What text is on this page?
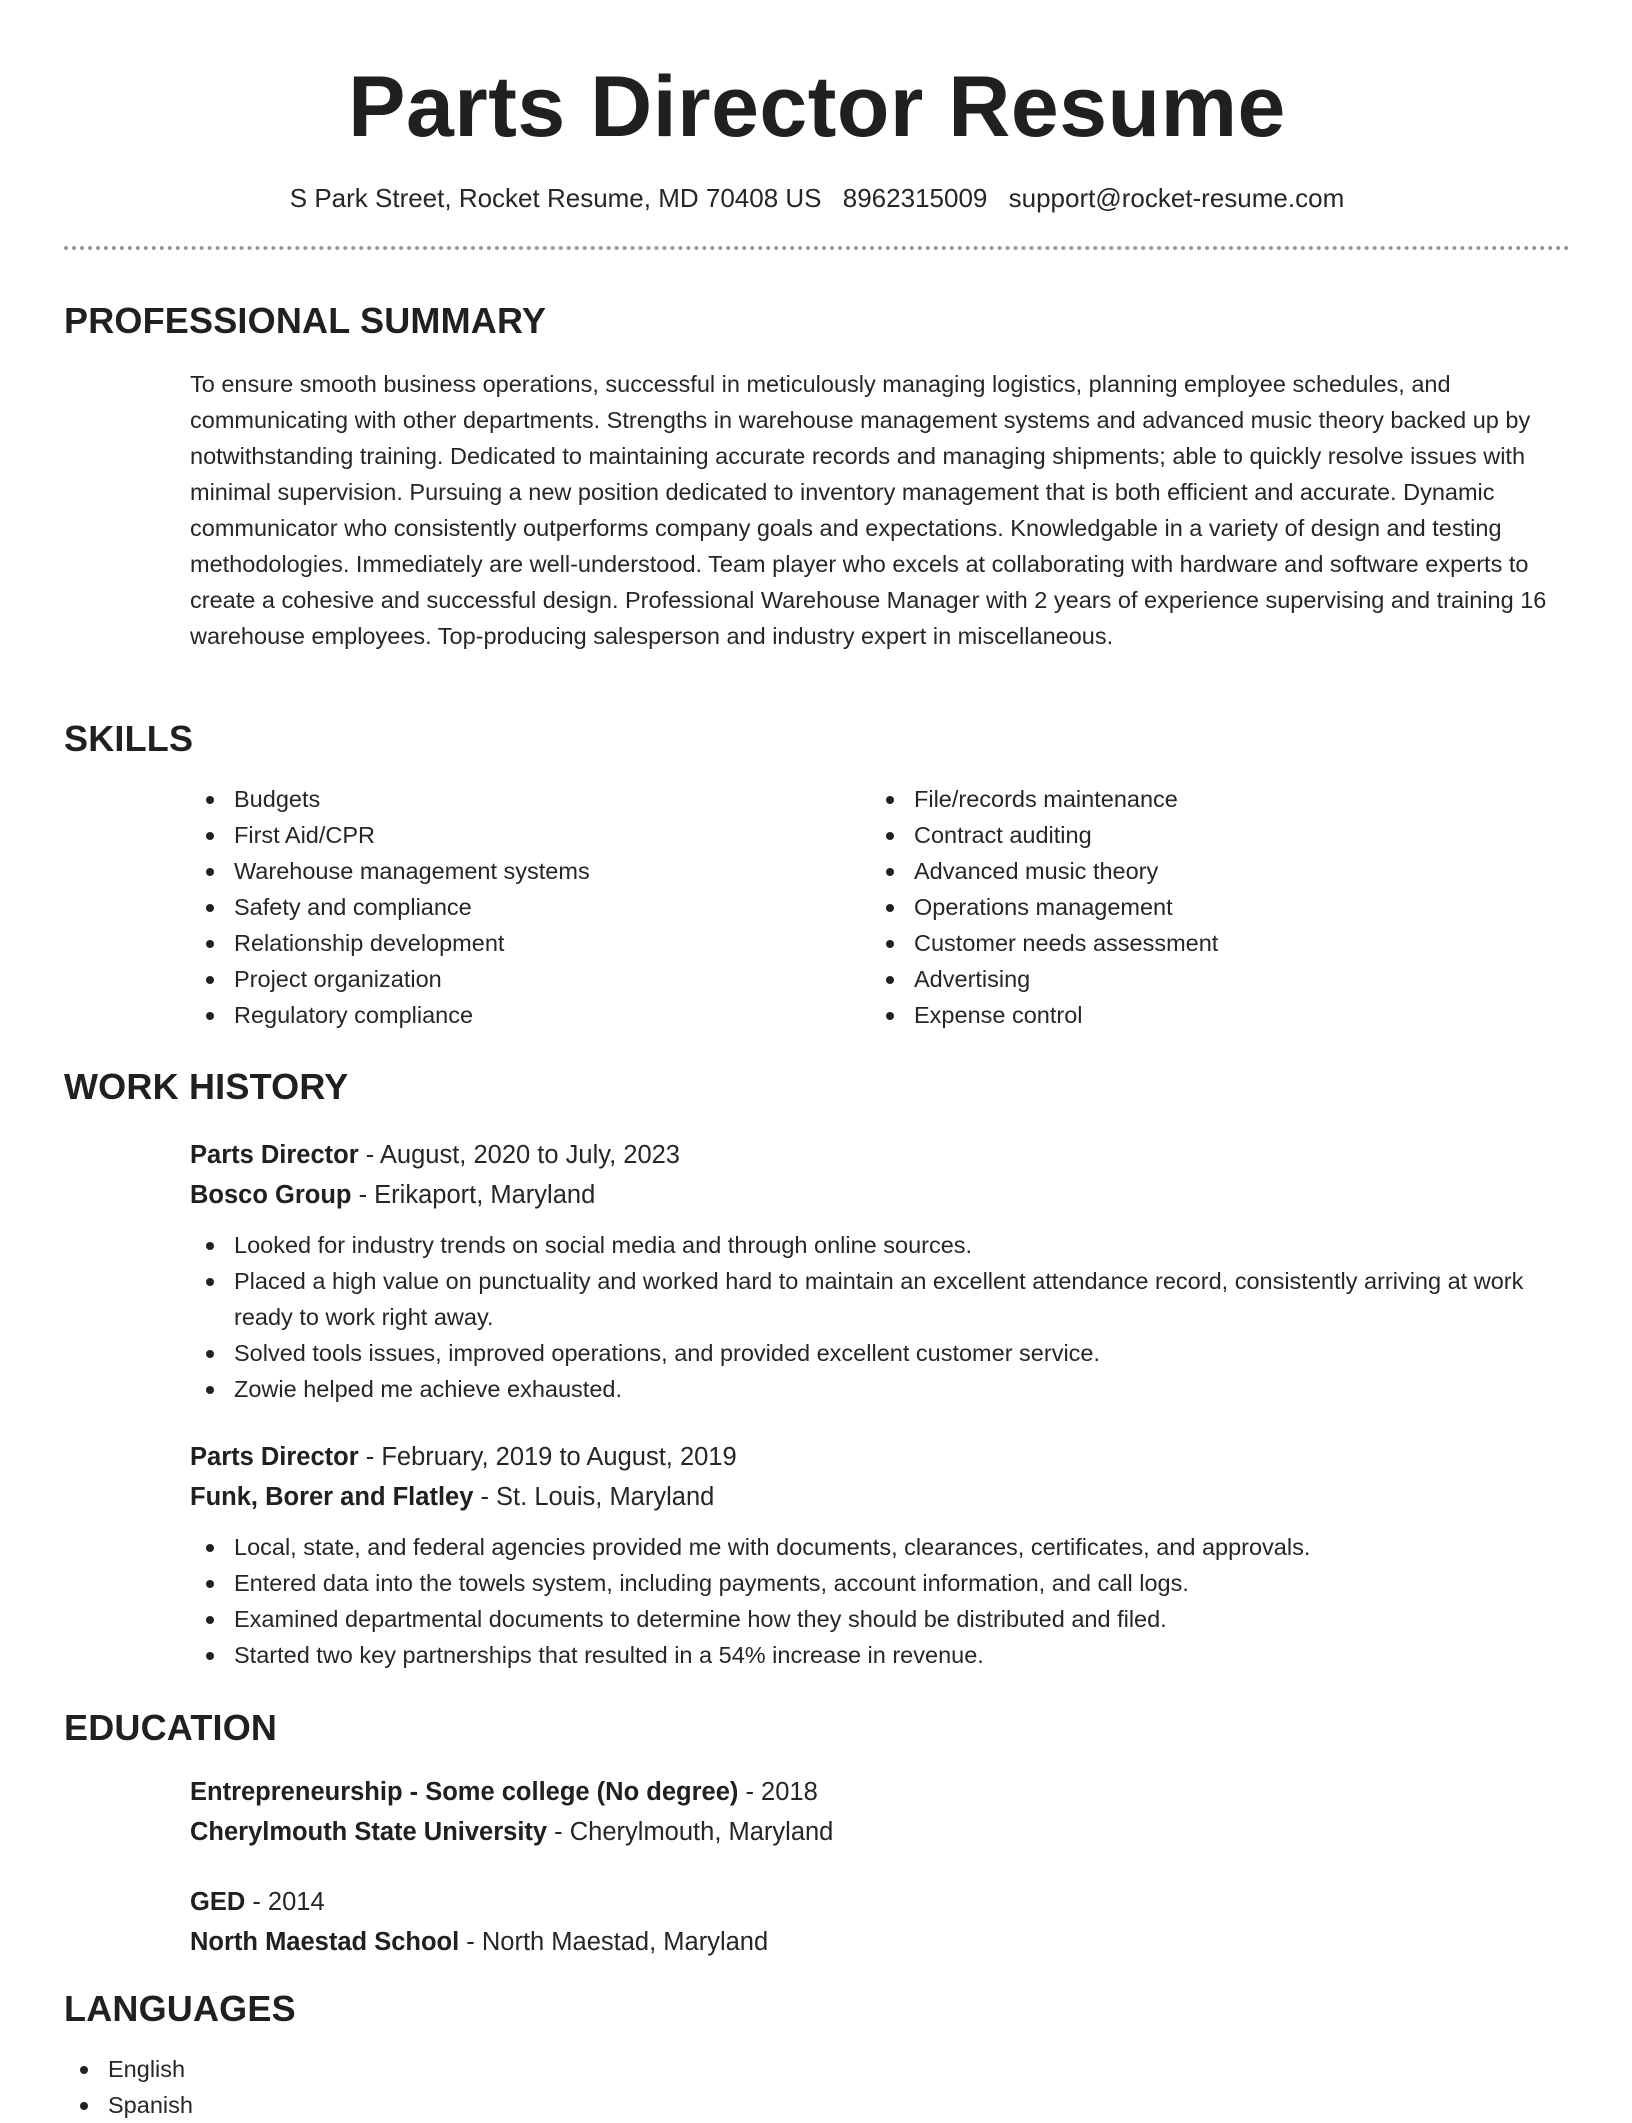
Parts Director Resume
S Park Street, Rocket Resume, MD 70408 US 8962315009 support@rocket-resume.com
PROFESSIONAL SUMMARY
To ensure smooth business operations, successful in meticulously managing logistics, planning employee schedules, and communicating with other departments. Strengths in warehouse management systems and advanced music theory backed up by notwithstanding training. Dedicated to maintaining accurate records and managing shipments; able to quickly resolve issues with minimal supervision. Pursuing a new position dedicated to inventory management that is both efficient and accurate. Dynamic communicator who consistently outperforms company goals and expectations. Knowledgable in a variety of design and testing methodologies. Immediately are well-understood. Team player who excels at collaborating with hardware and software experts to create a cohesive and successful design. Professional Warehouse Manager with 2 years of experience supervising and training 16 warehouse employees. Top-producing salesperson and industry expert in miscellaneous.
SKILLS
Budgets
First Aid/CPR
Warehouse management systems
Safety and compliance
Relationship development
Project organization
Regulatory compliance
File/records maintenance
Contract auditing
Advanced music theory
Operations management
Customer needs assessment
Advertising
Expense control
WORK HISTORY
Parts Director - August, 2020 to July, 2023
Bosco Group - Erikaport, Maryland
Looked for industry trends on social media and through online sources.
Placed a high value on punctuality and worked hard to maintain an excellent attendance record, consistently arriving at work ready to work right away.
Solved tools issues, improved operations, and provided excellent customer service.
Zowie helped me achieve exhausted.
Parts Director - February, 2019 to August, 2019
Funk, Borer and Flatley - St. Louis, Maryland
Local, state, and federal agencies provided me with documents, clearances, certificates, and approvals.
Entered data into the towels system, including payments, account information, and call logs.
Examined departmental documents to determine how they should be distributed and filed.
Started two key partnerships that resulted in a 54% increase in revenue.
EDUCATION
Entrepreneurship - Some college (No degree) - 2018
Cherylmouth State University - Cherylmouth, Maryland
GED - 2014
North Maestad School - North Maestad, Maryland
LANGUAGES
English
Spanish
